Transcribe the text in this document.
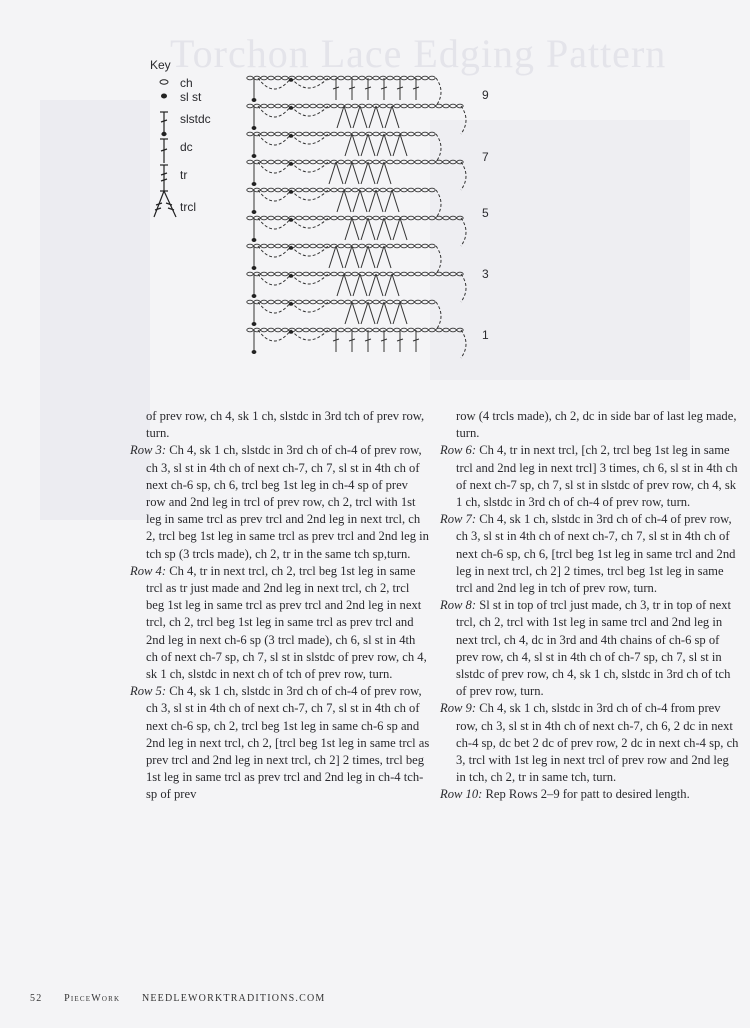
Torchon Lace Edging Pattern
Key
ch
sl st
slstdc
dc
tr
trcl
9
7
5
3
1
of prev row, ch 4, sk 1 ch, slstdc in 3rd tch of prev row, turn.
Row 3: Ch 4, sk 1 ch, slstdc in 3rd ch of ch-4 of prev row, ch 3, sl st in 4th ch of next ch-7, ch 7, sl st in 4th ch of next ch-6 sp, ch 6, trcl beg 1st leg in ch-4 sp of prev row and 2nd leg in trcl of prev row, ch 2, trcl with 1st leg in same trcl as prev trcl and 2nd leg in next trcl, ch 2, trcl beg 1st leg in same trcl as prev trcl and 2nd leg in tch sp (3 trcls made), ch 2, tr in the same tch sp,turn.
Row 4: Ch 4, tr in next trcl, ch 2, trcl beg 1st leg in same trcl as tr just made and 2nd leg in next trcl, ch 2, trcl beg 1st leg in same trcl as prev trcl and 2nd leg in next trcl, ch 2, trcl beg 1st leg in same trcl as prev trcl and 2nd leg in next ch-6 sp (3 trcl made), ch 6, sl st in 4th ch of next ch-7 sp, ch 7, sl st in slstdc of prev row, ch 4, sk 1 ch, slstdc in next ch of tch of prev row, turn.
Row 5: Ch 4, sk 1 ch, slstdc in 3rd ch of ch-4 of prev row, ch 3, sl st in 4th ch of next ch-7, ch 7, sl st in 4th ch of next ch-6 sp, ch 2, trcl beg 1st leg in same ch-6 sp and 2nd leg in next trcl, ch 2, [trcl beg 1st leg in same trcl as prev trcl and 2nd leg in next trcl, ch 2] 2 times, trcl beg 1st leg in same trcl as prev trcl and 2nd leg in ch-4 tch-sp of prev
row (4 trcls made), ch 2, dc in side bar of last leg made, turn.
Row 6: Ch 4, tr in next trcl, [ch 2, trcl beg 1st leg in same trcl and 2nd leg in next trcl] 3 times, ch 6, sl st in 4th ch of next ch-7 sp, ch 7, sl st in slstdc of prev row, ch 4, sk 1 ch, slstdc in 3rd ch of ch-4 of prev row, turn.
Row 7: Ch 4, sk 1 ch, slstdc in 3rd ch of ch-4 of prev row, ch 3, sl st in 4th ch of next ch-7, ch 7, sl st in 4th ch of next ch-6 sp, ch 6, [trcl beg 1st leg in same trcl and 2nd leg in next trcl, ch 2] 2 times, trcl beg 1st leg in same trcl and 2nd leg in tch of prev row, turn.
Row 8: Sl st in top of trcl just made, ch 3, tr in top of next trcl, ch 2, trcl with 1st leg in same trcl and 2nd leg in next trcl, ch 4, dc in 3rd and 4th chains of ch-6 sp of prev row, ch 4, sl st in 4th ch of ch-7 sp, ch 7, sl st in slstdc of prev row, ch 4, sk 1 ch, slstdc in 3rd ch of tch of prev row, turn.
Row 9: Ch 4, sk 1 ch, slstdc in 3rd ch of ch-4 from prev row, ch 3, sl st in 4th ch of next ch-7, ch 6, 2 dc in next ch-4 sp, dc bet 2 dc of prev row, 2 dc in next ch-4 sp, ch 3, trcl with 1st leg in next trcl of prev row and 2nd leg in tch, ch 2, tr in same tch, turn.
Row 10: Rep Rows 2–9 for patt to desired length.
52 PieceWork NEEDLEWORKTRADITIONS.COM
